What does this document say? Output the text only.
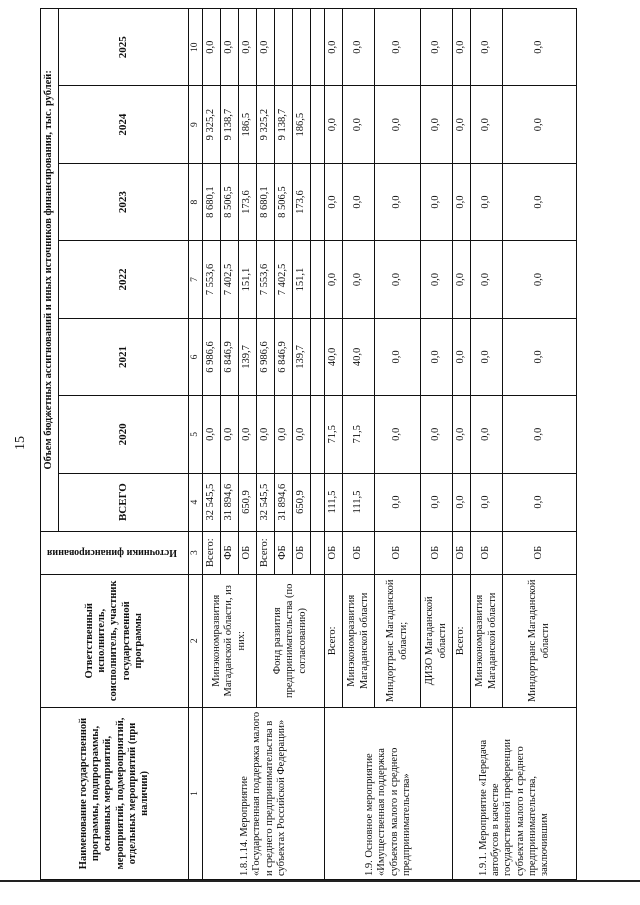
15
Наименование государственной программы, подпрограммы, основных мероприятий, мероприятий, подмероприятий, отдельных мероприятий (при наличии)	Ответственный исполнитель, соисполнитель, участник государственной программы	Источники финансирования	Объем бюджетных ассигнований и иных источников финансирования, тыс. рублей:						
			ВСЕГО	2020	2021	2022	2023	2024	2025
1	2	3	4	5	6	7	8	9	10
1.8.1.14. Мероприятие «Государственная поддержка малого и среднего предпринимательства в субъектах Российской Федерации»	Минэкономразвития Магаданской области, из них:	Всего:	32 545,5	0,0	6 986,6	7 553,6	8 680,1	9 325,2	0,0
		ФБ	31 894,6	0,0	6 846,9	7 402,5	8 506,5	9 138,7	0,0
		ОБ	650,9	0,0	139,7	151,1	173,6	186,5	0,0
	Фонд развития предпринимательства (по согласованию)	Всего:	32 545,5	0,0	6 986,6	7 553,6	8 680,1	9 325,2	0,0
		ФБ	31 894,6	0,0	6 846,9	7 402,5	8 506,5	9 138,7	
		ОБ	650,9	0,0	139,7	151,1	173,6	186,5	

1.9. Основное мероприятие «Имущественная поддержка субъектов малого и среднего предпринимательства»	Всего:	ОБ	111,5	71,5	40,0	0,0	0,0	0,0	0,0
	Минэкономразвития Магаданской области	ОБ	111,5	71,5	40,0	0,0	0,0	0,0	0,0
	Миндортранс Магаданской области;	ОБ	0,0	0,0	0,0	0,0	0,0	0,0	0,0
	ДИЗО Магаданской области	ОБ	0,0	0,0	0,0	0,0	0,0	0,0	0,0
1.9.1. Мероприятие «Передача автобусов в качестве государственной преференции субъектам малого и среднего предпринимательства, заключившим	Всего:	ОБ	0,0	0,0	0,0	0,0	0,0	0,0	0,0
	Минэкономразвития Магаданской области	ОБ	0,0	0,0	0,0	0,0	0,0	0,0	0,0
	Миндортранс Магаданской области	ОБ	0,0	0,0	0,0	0,0	0,0	0,0	0,0
